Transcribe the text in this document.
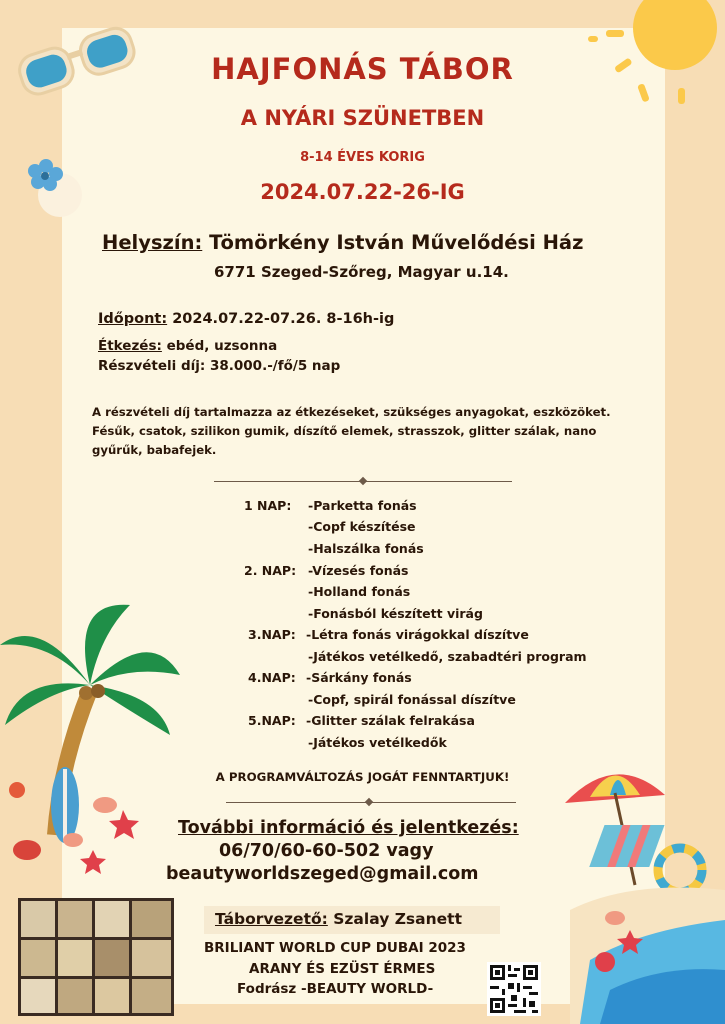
HAJFONÁS TÁBOR
A NYÁRI SZÜNETBEN
8-14 ÉVES KORIG
2024.07.22-26-IG
Helyszín: Tömörkény István Művelődési Ház
6771 Szeged-Szőreg, Magyar u.14.
Időpont: 2024.07.22-07.26. 8-16h-ig
Étkezés: ebéd, uzsonna
Részvételi díj: 38.000.-/fő/5 nap
A részvételi díj tartalmazza az étkezéseket, szükséges anyagokat, eszközöket.
Fésűk, csatok, szilikon gumik, díszítő elemek, strasszok, glitter szálak, nano
gyűrűk, babafejek.
1 NAP: -Parketta fonás
-Copf készítése
-Halszálka fonás
2. NAP: -Vízesés fonás
-Holland fonás
-Fonásból készített virág
3.NAP: -Létra fonás virágokkal díszítve
-Játékos vetélkedő, szabadtéri program
4.NAP: -Sárkány fonás
-Copf, spirál fonással díszítve
5.NAP: -Glitter szálak felrakása
-Játékos vetélkedők
A PROGRAMVÁLTOZÁS JOGÁT FENNTARTJUK!
További információ és jelentkezés:
06/70/60-60-502 vagy
beautyworldszeged@gmail.com
Táborvezető: Szalay Zsanett
BRILIANT WORLD CUP DUBAI 2023
ARANY ÉS EZÜST ÉRMES
Fodrász -BEAUTY WORLD-
